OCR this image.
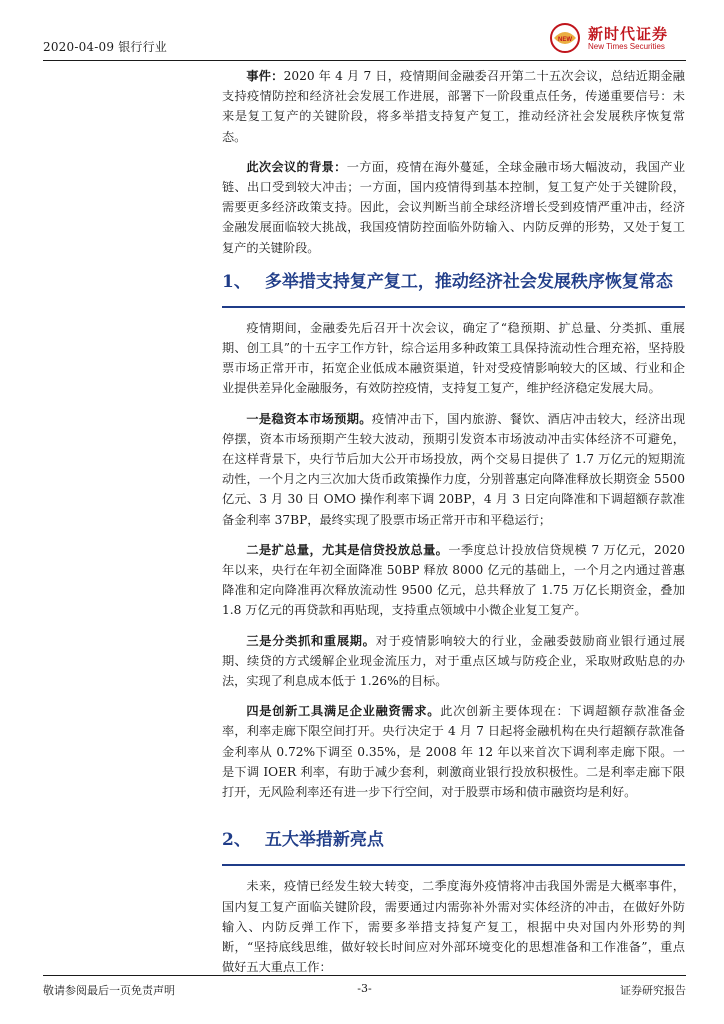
2020-04-09 银行行业	NEW 新时代证券
New Times Securities

事件：2020 年 4 月 7 日，疫情期间金融委召开第二十五次会议，总结近期金融支持疫情防控和经济社会发展工作进展，部署下一阶段重点任务，传递重要信号：未来是复工复产的关键阶段，将多举措支持复产复工，推动经济社会发展秩序恢复常态。

此次会议的背景：一方面，疫情在海外蔓延，全球金融市场大幅波动，我国产业链、出口受到较大冲击；一方面，国内疫情得到基本控制，复工复产处于关键阶段，需要更多经济政策支持。因此，会议判断当前全球经济增长受到疫情严重冲击，经济金融发展面临较大挑战，我国疫情防控面临外防输入、内防反弹的形势，又处于复工复产的关键阶段。

1、 多举措支持复产复工，推动经济社会发展秩序恢复常态

疫情期间，金融委先后召开十次会议，确定了“稳预期、扩总量、分类抓、重展期、创工具”的十五字工作方针，综合运用多种政策工具保持流动性合理充裕，坚持股票市场正常开市，拓宽企业低成本融资渠道，针对受疫情影响较大的区域、行业和企业提供差异化金融服务，有效防控疫情，支持复工复产，维护经济稳定发展大局。

一是稳资本市场预期。疫情冲击下，国内旅游、餐饮、酒店冲击较大，经济出现停摆，资本市场预期产生较大波动，预期引发资本市场波动冲击实体经济不可避免，在这样背景下，央行节后加大公开市场投放，两个交易日提供了 1.7 万亿元的短期流动性，一个月之内三次加大货币政策操作力度，分别普惠定向降准释放长期资金 5500 亿元、3 月 30 日 OMO 操作利率下调 20BP，4 月 3 日定向降准和下调超额存款准备金利率 37BP，最终实现了股票市场正常开市和平稳运行；

二是扩总量，尤其是信贷投放总量。一季度总计投放信贷规模 7 万亿元，2020 年以来，央行在年初全面降准 50BP 释放 8000 亿元的基础上，一个月之内通过普惠降准和定向降准再次释放流动性 9500 亿元，总共释放了 1.75 万亿长期资金，叠加 1.8 万亿元的再贷款和再贴现，支持重点领域中小微企业复工复产。

三是分类抓和重展期。对于疫情影响较大的行业，金融委鼓励商业银行通过展期、续贷的方式缓解企业现金流压力，对于重点区域与防疫企业，采取财政贴息的办法，实现了利息成本低于 1.26%的目标。

四是创新工具满足企业融资需求。此次创新主要体现在：下调超额存款准备金率，利率走廊下限空间打开。央行决定于 4 月 7 日起将金融机构在央行超额存款准备金利率从 0.72%下调至 0.35%，是 2008 年 12 年以来首次下调利率走廊下限。一是下调 IOER 利率，有助于减少套利，刺激商业银行投放积极性。二是利率走廊下限打开，无风险利率还有进一步下行空间，对于股票市场和债市融资均是利好。

2、 五大举措新亮点

未来，疫情已经发生较大转变，二季度海外疫情将冲击我国外需是大概率事件，国内复工复产面临关键阶段，需要通过内需弥补外需对实体经济的冲击，在做好外防输入、内防反弹工作下，需要多举措支持复产复工，根据中央对国内外形势的判断，“坚持底线思维，做好较长时间应对外部环境变化的思想准备和工作准备”，重点做好五大重点工作：

敬请参阅最后一页免责声明	-3-	证券研究报告
